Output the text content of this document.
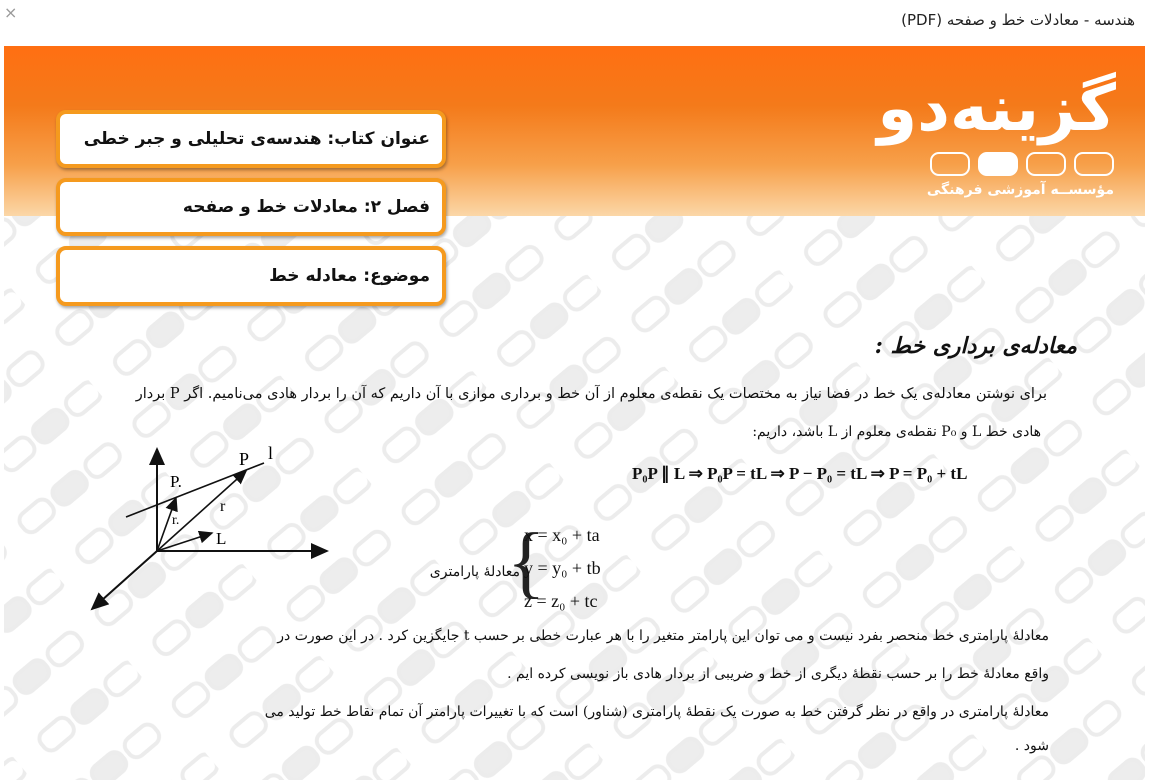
×	هندسه - معادلات خط و صفحه (PDF)
گزینه‌دو
مؤسســه آموزشی فرهنگی
عنوان کتاب: هندسه‌ی تحلیلی و جبر خطی
فصل ۲: معادلات خط و صفحه
موضوع: معادله خط
معادله‌ی برداری خط :
برای نوشتن معادله‌ی یک خط در فضا نیاز به مختصات یک نقطه‌ی معلوم از آن خط و برداری موازی با آن داریم که آن را بردار هادی می‌نامیم. اگر P بردار
هادی خط L و P₀ نقطه‌ی معلوم از L باشد، داریم:
P₀P ∥ L ⇒ P₀P = tL ⇒ P − P₀ = tL ⇒ P = P₀ + tL
معادلهٔ پارامتری
{
x = x₀ + ta
y = y₀ + tb
z = z₀ + tc
معادلهٔ پارامتری خط منحصر بفرد نیست و می توان این پارامتر متغیر را با هر عبارت خطی بر حسب t جایگزین کرد . در این صورت در
واقع معادلهٔ خط را بر حسب نقطهٔ دیگری از خط و ضریبی از بردار هادی باز نویسی کرده ایم .
معادلهٔ پارامتری در واقع در نظر گرفتن خط به صورت یک نقطهٔ پارامتری (شناور) است که با تغییرات پارامتر آن تمام نقاط خط تولید می
شود .
P l
P.
r
r.
L
